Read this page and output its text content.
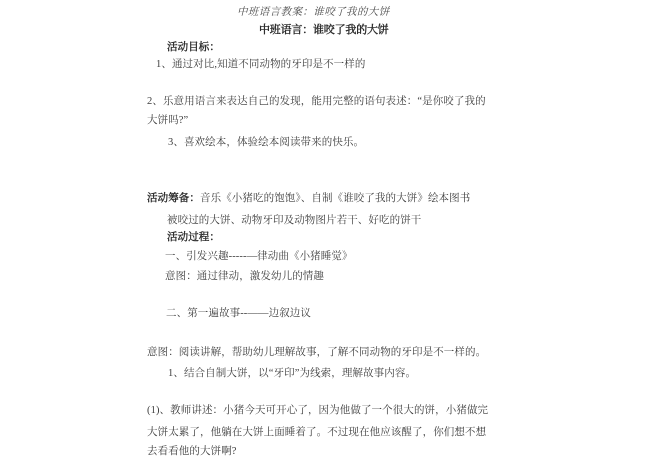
中班语言教案：谁咬了我的大饼
中班语言：谁咬了我的大饼
活动目标：
1、通过对比,知道不同动物的牙印是不一样的
2、乐意用语言来表达自己的发现，能用完整的语句表述：“是你咬了我的
大饼吗?”
3、喜欢绘本，体验绘本阅读带来的快乐。
活动筹备：音乐《小猪吃的饱饱》、自制《谁咬了我的大饼》绘本图书
被咬过的大饼、动物牙印及动物图片若干、好吃的饼干
活动过程：
一、引发兴趣-----—律动曲《小猪睡觉》
意图：通过律动，激发幼儿的情趣
二、第一遍故事--——边叙边议
意图：阅读讲解，帮助幼儿理解故事，了解不同动物的牙印是不一样的。
1、结合自制大饼，以“牙印”为线索，理解故事内容。
(1)、教师讲述：小猪今天可开心了，因为他做了一个很大的饼，小猪做完
大饼太累了，他躺在大饼上面睡着了。不过现在他应该醒了，你们想不想
去看看他的大饼啊?
